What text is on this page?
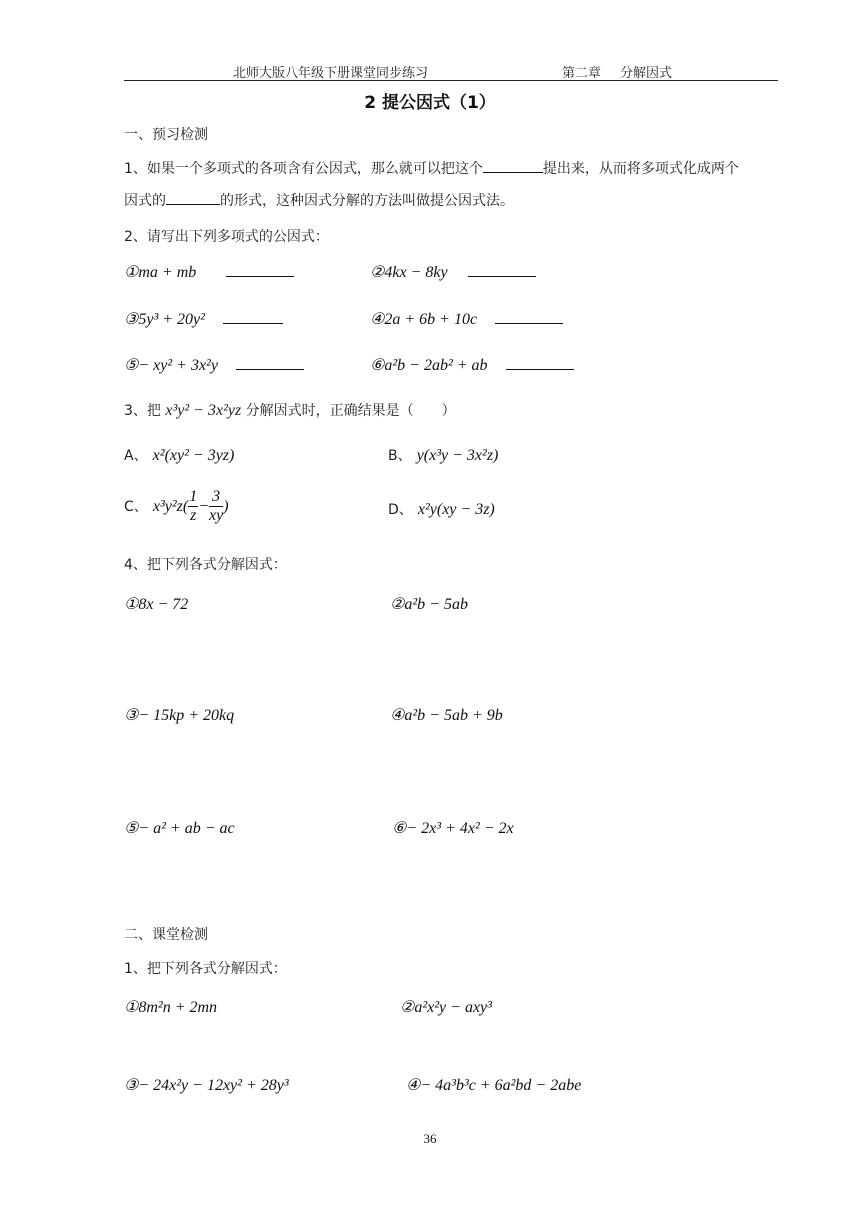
北师大版八年级下册课堂同步练习	第二章 分解因式
2 提公因式（1）
一、预习检测
1、如果一个多项式的各项含有公因式，那么就可以把这个	提出来，从而将多项式化成两个
因式的	的形式，这种因式分解的方法叫做提公因式法。
2、请写出下列多项式的公因式：
①ma + mb	②4kx − 8ky
③5y³ + 20y²	④2a + 6b + 10c
⑤− xy² + 3x²y	⑥a²b − 2ab² + ab
3、把 x³y² − 3x²yz 分解因式时，正确结果是（　　）
A、 x²(xy² − 3yz)	B、 y(x³y − 3x²z)
C、 $x^3y^2z( \frac{1}{z} - \frac{3}{xy}$ )	D、 x²y(xy − 3z)
4、把下列各式分解因式：
①8x − 72	②a²b − 5ab
③− 15kp + 20kq	④a²b − 5ab + 9b
⑤− a² + ab − ac	⑥− 2x³ + 4x² − 2x
二、课堂检测
1、把下列各式分解因式：
①8m²n + 2mn	②a²x²y − axy³
③− 24x²y − 12xy² + 28y³	④− 4a³b³c + 6a²bd − 2abe
36
